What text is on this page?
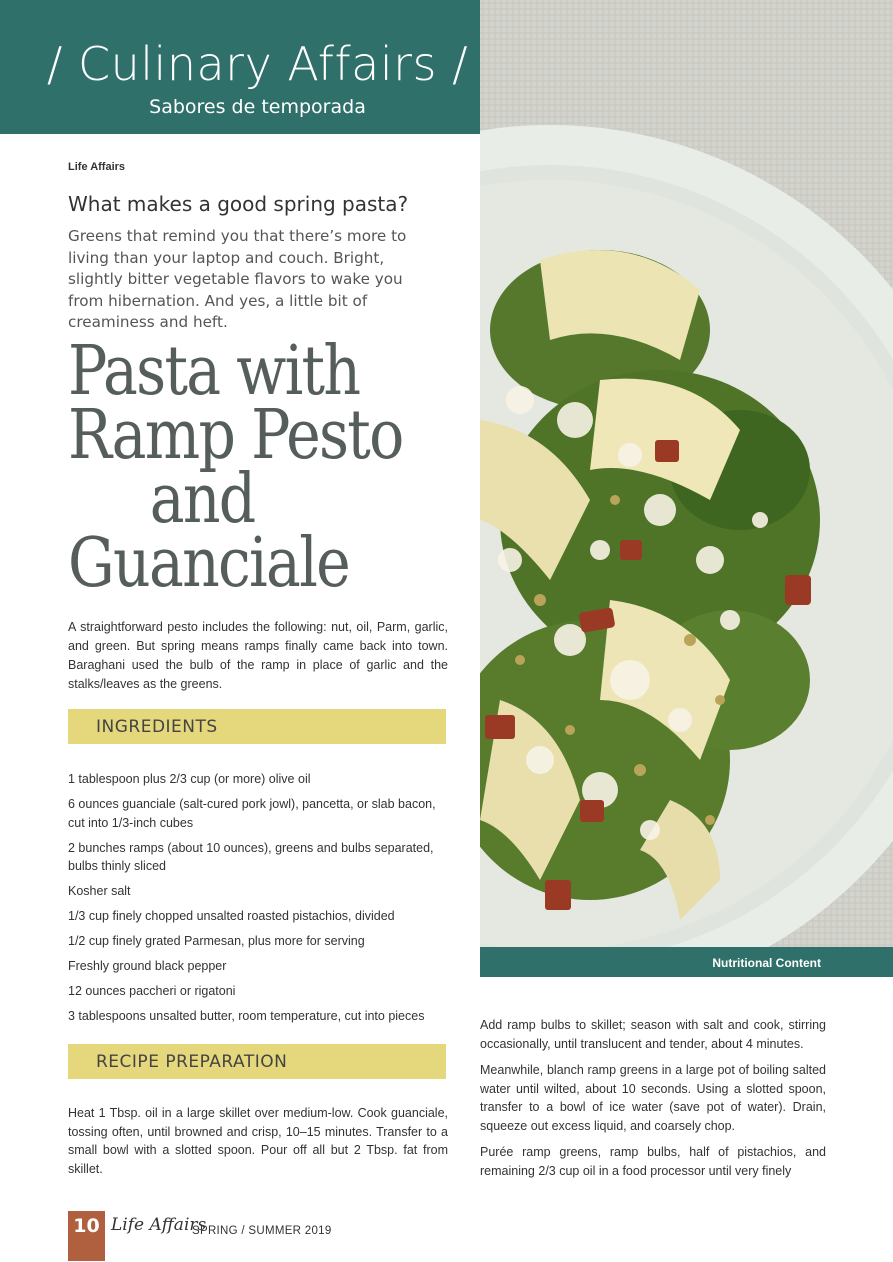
/ Culinary Affairs /
Sabores de temporada
Nutritional Content
Life Affairs
What makes a good spring pasta?
Greens that remind you that there’s more to living than your laptop and couch. Bright, slightly bitter vegetable flavors to wake you from hibernation. And yes, a little bit of creaminess and heft.
Pasta with
Ramp Pesto
and
Guanciale
A straightforward pesto includes the following: nut, oil, Parm, garlic, and green. But spring means ramps finally came back into town. Baraghani used the bulb of the ramp in place of garlic and the stalks/leaves as the greens.
INGREDIENTS
1 tablespoon plus 2/3 cup (or more) olive oil
6 ounces guanciale (salt-cured pork jowl), pancetta, or slab bacon, cut into 1/3-inch cubes
2 bunches ramps (about 10 ounces), greens and bulbs separated, bulbs thinly sliced
Kosher salt
1/3 cup finely chopped unsalted roasted pistachios, divided
1/2 cup finely grated Parmesan, plus more for serving
Freshly ground black pepper
12 ounces paccheri or rigatoni
3 tablespoons unsalted butter, room temperature, cut into pieces
RECIPE PREPARATION
Heat 1 Tbsp. oil in a large skillet over medium-low. Cook guanciale, tossing often, until browned and crisp, 10–15 minutes. Transfer to a small bowl with a slotted spoon. Pour off all but 2 Tbsp. fat from skillet.

Add ramp bulbs to skillet; season with salt and cook, stirring occasionally, until translucent and tender, about 4 minutes.

Meanwhile, blanch ramp greens in a large pot of boiling salted water until wilted, about 10 seconds. Using a slotted spoon, transfer to a bowl of ice water (save pot of water). Drain, squeeze out excess liquid, and coarsely chop.

Purée ramp greens, ramp bulbs, half of pistachios, and remaining 2/3 cup oil in a food processor until very finely

10 Life Affairs
SPRING / SUMMER 2019
